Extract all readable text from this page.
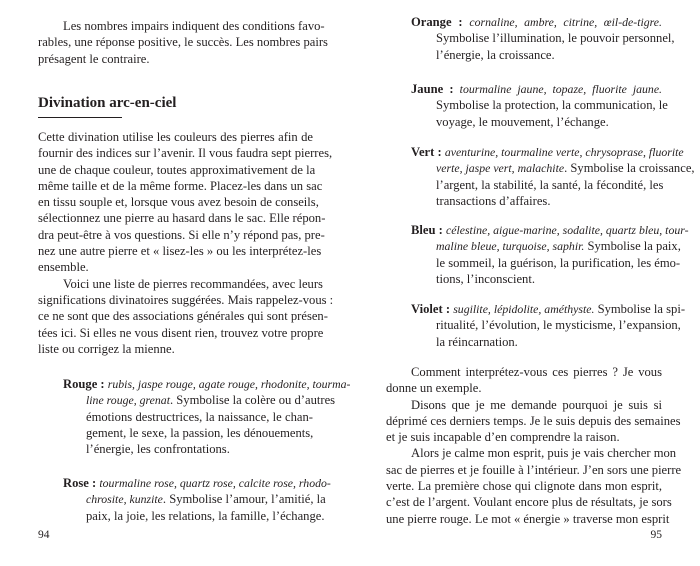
Divination arc-en-ciel
94
Les nombres impairs indiquent des conditions favo-
rables, une réponse positive, le succès. Les nombres pairs
présagent le contraire.
Cette divination utilise les couleurs des pierres afin de
fournir des indices sur l’avenir. Il vous faudra sept pierres,
une de chaque couleur, toutes approximativement de la
même taille et de la même forme. Placez-les dans un sac
en tissu souple et, lorsque vous avez besoin de conseils,
sélectionnez une pierre au hasard dans le sac. Elle répon-
dra peut-être à vos questions. Si elle n’y répond pas, pre-
nez une autre pierre et « lisez-les » ou les interprétez-les
ensemble.
Voici une liste de pierres recommandées, avec leurs
significations divinatoires suggérées. Mais rappelez-vous :
ce ne sont que des associations générales qui sont présen-
tées ici. Si elles ne vous disent rien, trouvez votre propre
liste ou corrigez la mienne.
Rouge : rubis, jaspe rouge, agate rouge, rhodonite, tourma-
line rouge, grenat. Symbolise la colère ou d’autres
émotions destructrices, la naissance, le chan-
gement, le sexe, la passion, les dénouements,
l’énergie, les confrontations.
Rose : tourmaline rose, quartz rose, calcite rose, rhodo-
chrosite, kunzite. Symbolise l’amour, l’amitié, la
paix, la joie, les relations, la famille, l’échange.
95
Orange : cornaline, ambre, citrine, œil-de-tigre.
Symbolise l’illumination, le pouvoir personnel,
l’énergie, la croissance.
Jaune : tourmaline jaune, topaze, fluorite jaune.
Symbolise la protection, la communication, le
voyage, le mouvement, l’échange.
Vert : aventurine, tourmaline verte, chrysoprase, fluorite
verte, jaspe vert, malachite. Symbolise la croissance,
l’argent, la stabilité, la santé, la fécondité, les
transactions d’affaires.
Bleu : célestine, aigue-marine, sodalite, quartz bleu, tour-
maline bleue, turquoise, saphir. Symbolise la paix,
le sommeil, la guérison, la purification, les émo-
tions, l’inconscient.
Violet : sugilite, lépidolite, améthyste. Symbolise la spi-
ritualité, l’évolution, le mysticisme, l’expansion,
la réincarnation.
Comment interprétez-vous ces pierres ? Je vous
donne un exemple.
Disons que je me demande pourquoi je suis si
déprimé ces derniers temps. Je le suis depuis des semaines
et je suis incapable d’en comprendre la raison.
Alors je calme mon esprit, puis je vais chercher mon
sac de pierres et je fouille à l’intérieur. J’en sors une pierre
verte. La première chose qui clignote dans mon esprit,
c’est de l’argent. Voulant encore plus de résultats, je sors
une pierre rouge. Le mot « énergie » traverse mon esprit
